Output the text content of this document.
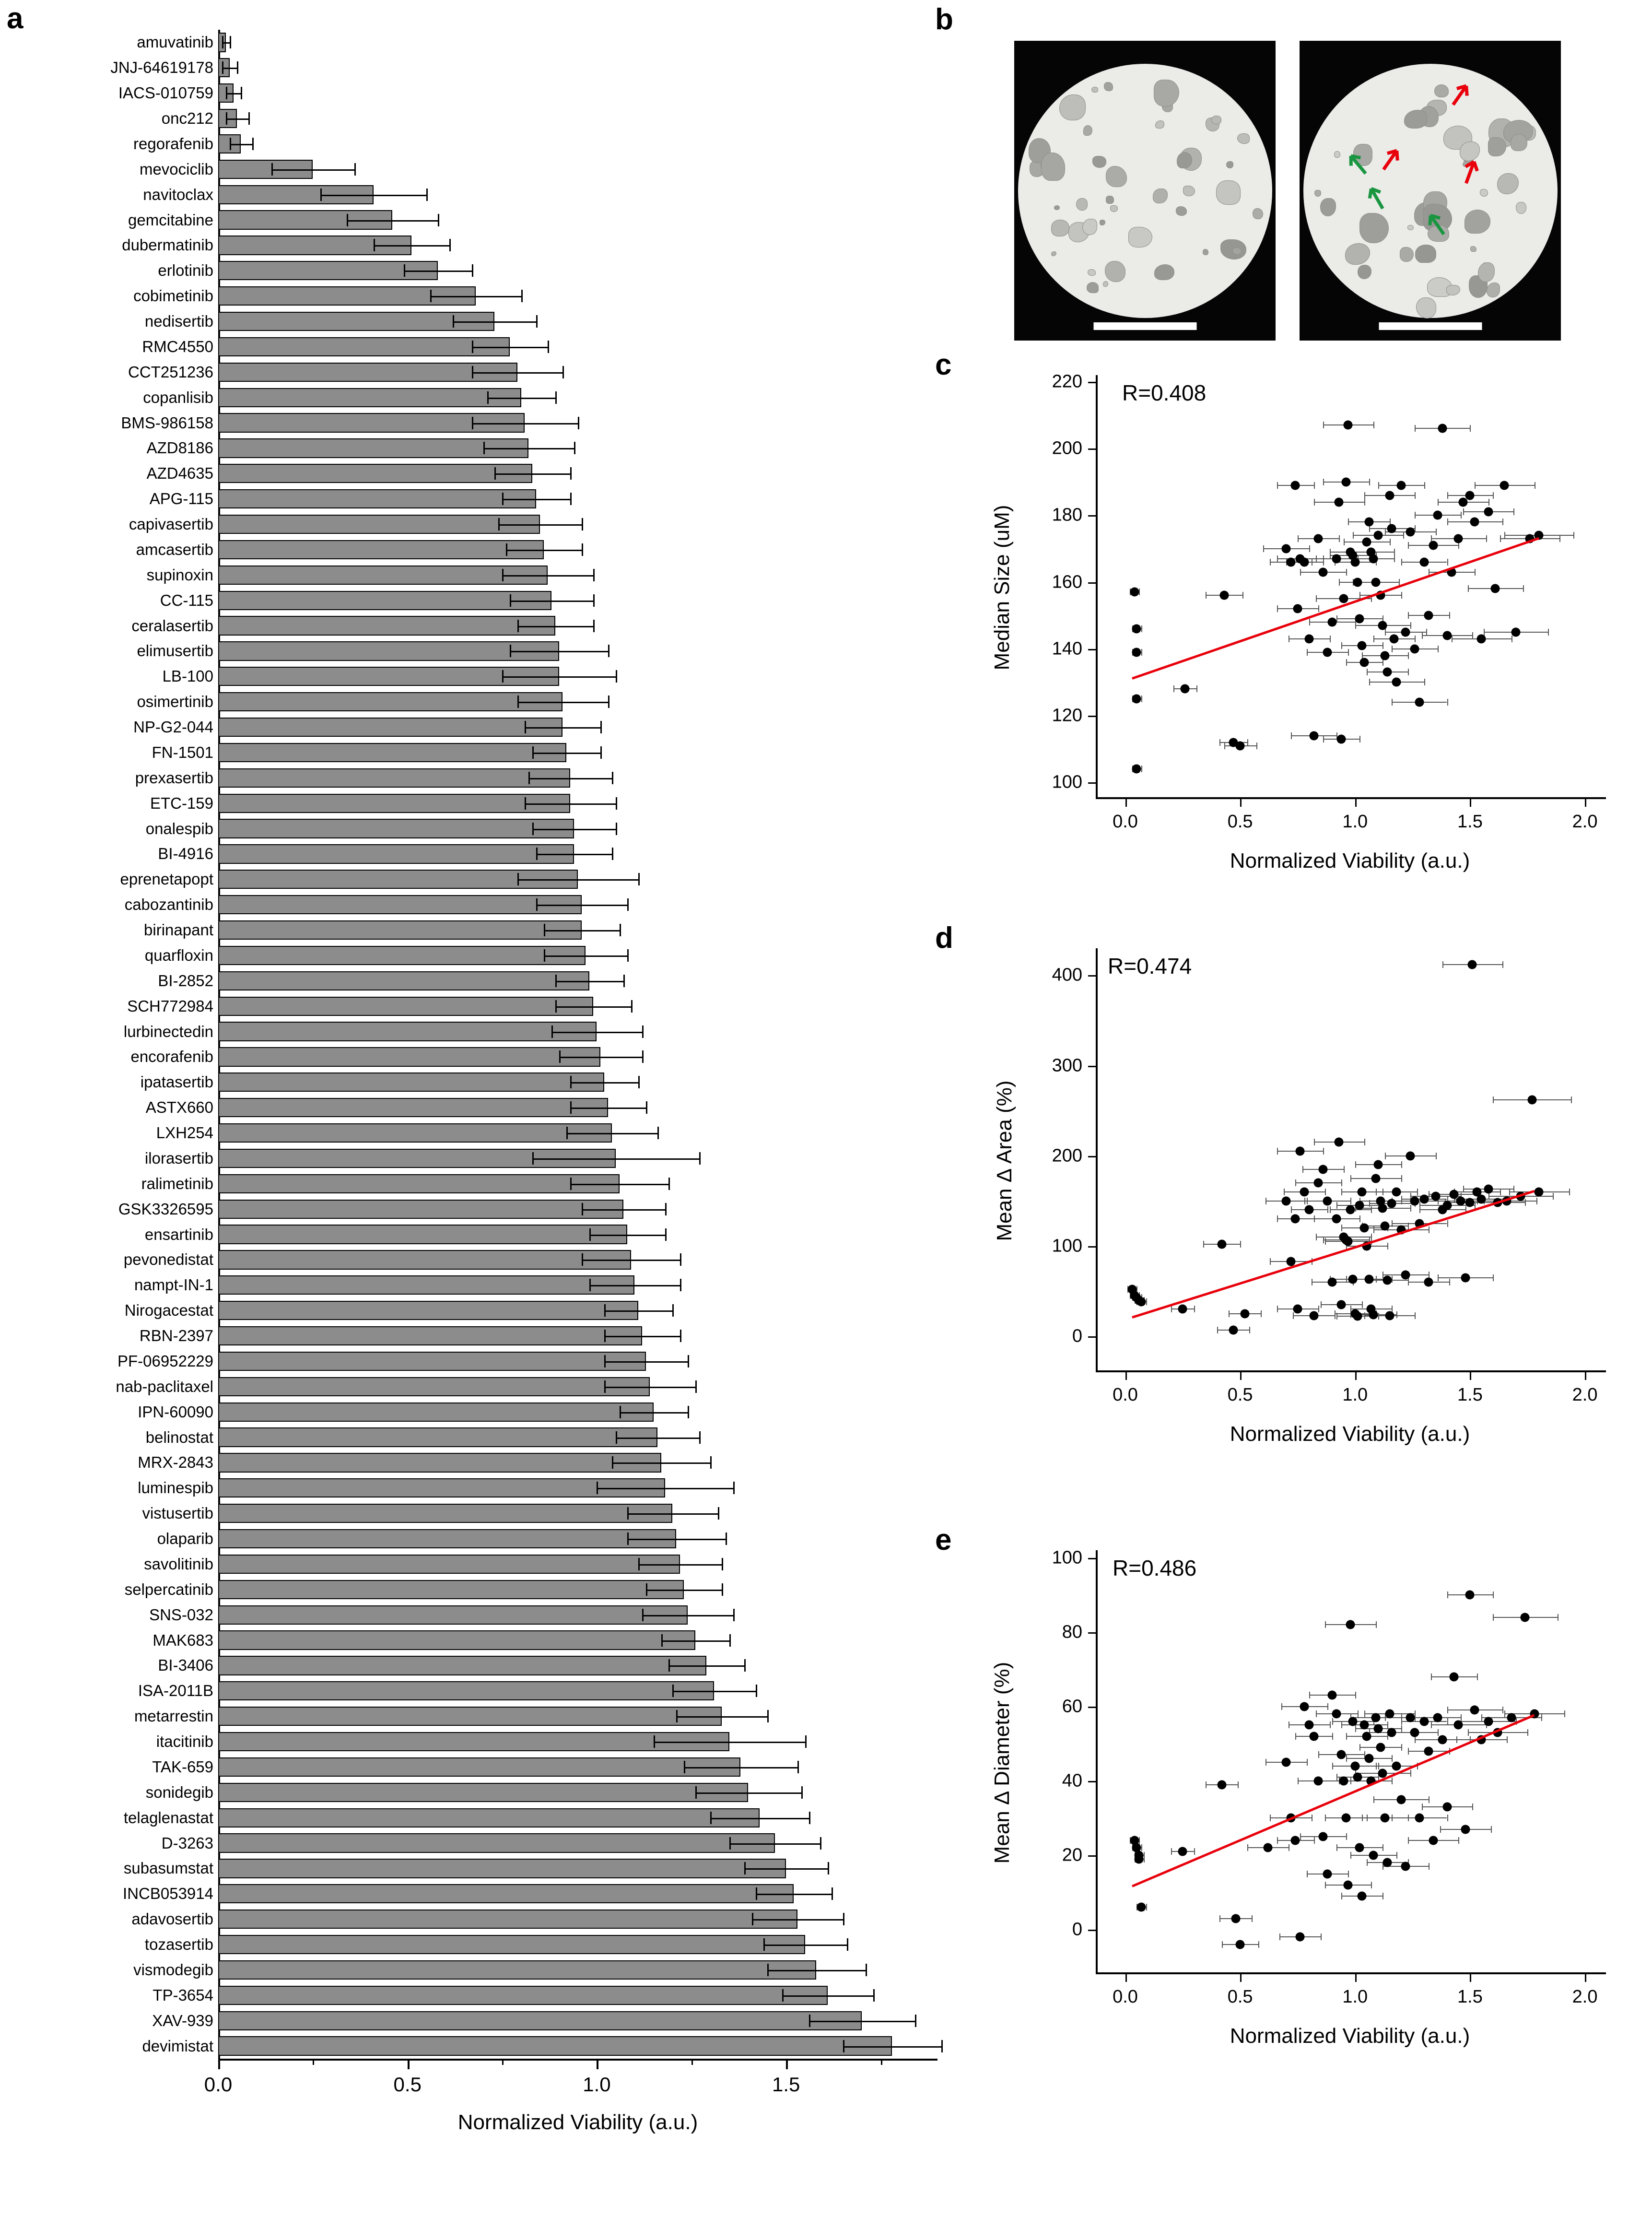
a
amuvatinib
JNJ-64619178
IACS-010759
onc212
regorafenib
mevociclib
navitoclax
gemcitabine
dubermatinib
erlotinib
cobimetinib
nedisertib
RMC4550
CCT251236
copanlisib
BMS-986158
AZD8186
AZD4635
APG-115
capivasertib
amcasertib
supinoxin
CC-115
ceralasertib
elimusertib
LB-100
osimertinib
NP-G2-044
FN-1501
prexasertib
ETC-159
onalespib
BI-4916
eprenetapopt
cabozantinib
birinapant
quarfloxin
BI-2852
SCH772984
lurbinectedin
encorafenib
ipatasertib
ASTX660
LXH254
ilorasertib
ralimetinib
GSK3326595
ensartinib
pevonedistat
nampt-IN-1
Nirogacestat
RBN-2397
PF-06952229
nab-paclitaxel
IPN-60090
belinostat
MRX-2843
luminespib
vistusertib
olaparib
savolitinib
selpercatinib
SNS-032
MAK683
BI-3406
ISA-2011B
metarrestin
itacitinib
TAK-659
sonidegib
telaglenastat
D-3263
subasumstat
INCB053914
adavosertib
tozasertib
vismodegib
TP-3654
XAV-939
devimistat
0.0	0.5	1.0	1.5
Normalized Viability (a.u.)
b
c
100
120
140
160
180
200
220
0.0	0.5	1.0	1.5	2.0
R=0.408
Normalized Viability (a.u.)
Median Size (uM)
d
0
100
200
300
400
0.0	0.5	1.0	1.5	2.0
R=0.474
Normalized Viability (a.u.)
Mean Δ Area (%)
e
0
20
40
60
80
100
0.0	0.5	1.0	1.5	2.0
R=0.486
Normalized Viability (a.u.)
Mean Δ Diameter (%)
